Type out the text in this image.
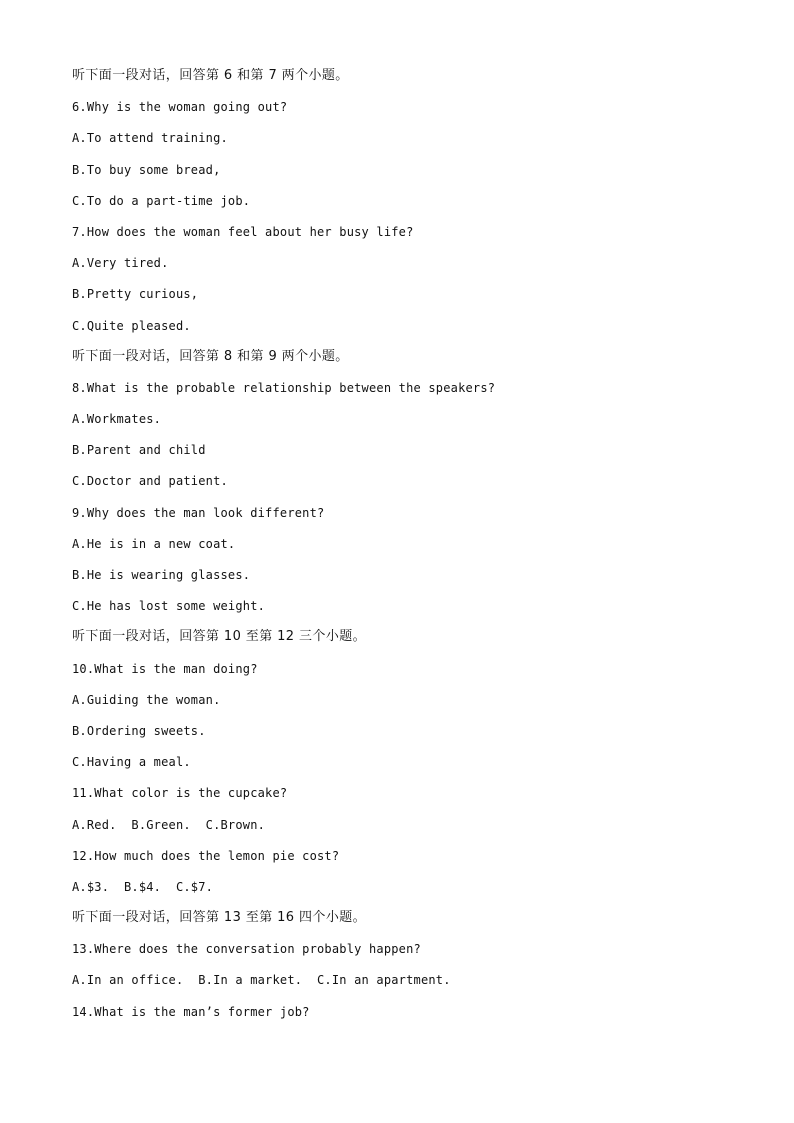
听下面一段对话，回答第 6 和第 7 两个小题。
6.Why is the woman going out?
A.To attend training.
B.To buy some bread,
C.To do a part-time job.
7.How does the woman feel about her busy life?
A.Very tired.
B.Pretty curious,
C.Quite pleased.
听下面一段对话，回答第 8 和第 9 两个小题。
8.What is the probable relationship between the speakers?
A.Workmates.
B.Parent and child
C.Doctor and patient.
9.Why does the man look different?
A.He is in a new coat.
B.He is wearing glasses.
C.He has lost some weight.
听下面一段对话，回答第 10 至第 12 三个小题。
10.What is the man doing?
A.Guiding the woman.
B.Ordering sweets.
C.Having a meal.
11.What color is the cupcake?
A.Red.  B.Green.  C.Brown.
12.How much does the lemon pie cost?
A.$3.  B.$4.  C.$7.
听下面一段对话，回答第 13 至第 16 四个小题。
13.Where does the conversation probably happen?
A.In an office.  B.In a market.  C.In an apartment.
14.What is the man’s former job?
